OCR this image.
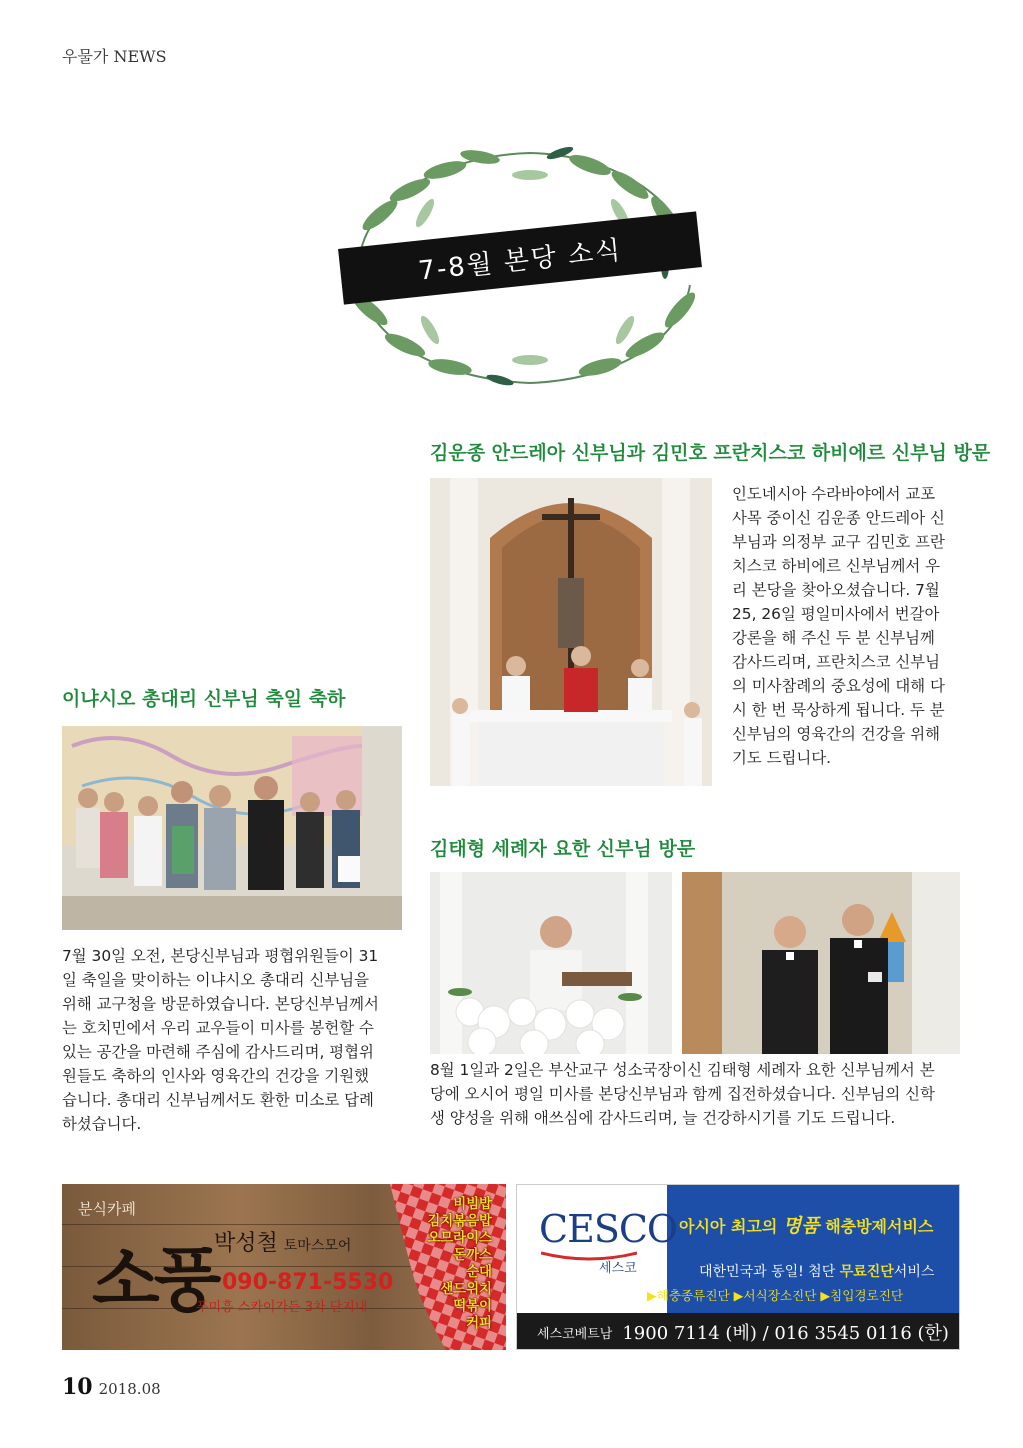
우물가 NEWS
7-8월 본당 소식
김운종 안드레아 신부님과 김민호 프란치스코 하비에르 신부님 방문
인도네시아 수라바야에서 교포
사목 중이신 김운종 안드레아 신
부님과 의정부 교구 김민호 프란
치스코 하비에르 신부님께서 우
리 본당을 찾아오셨습니다. 7월
25, 26일 평일미사에서 번갈아
강론을 해 주신 두 분 신부님께
감사드리며, 프란치스코 신부님
의 미사참례의 중요성에 대해 다
시 한 번 묵상하게 됩니다. 두 분
신부님의 영육간의 건강을 위해
기도 드립니다.
이냐시오 총대리 신부님 축일 축하
7월 30일 오전, 본당신부님과 평협위원들이 31
일 축일을 맞이하는 이냐시오 총대리 신부님을
위해 교구청을 방문하였습니다. 본당신부님께서
는 호치민에서 우리 교우들이 미사를 봉헌할 수
있는 공간을 마련해 주심에 감사드리며, 평협위
원들도 축하의 인사와 영육간의 건강을 기원했
습니다. 총대리 신부님께서도 환한 미소로 답례
하셨습니다.
김태형 세례자 요한 신부님 방문
8월 1일과 2일은 부산교구 성소국장이신 김태형 세례자 요한 신부님께서 본
당에 오시어 평일 미사를 본당신부님과 함께 집전하셨습니다. 신부님의 신학
생 양성을 위해 애쓰심에 감사드리며, 늘 건강하시기를 기도 드립니다.
분식카페
소풍
박성철 토마스모어
090-871-5530
푸미흥 스카이가든 3차 단지내
비빔밥
김치볶음밥
오므라이스
돈까스
순대
샌드위치
떡볶이
커피
CESCO
세스코
아시아 최고의 명품 해충방제서비스
대한민국과 동일! 첨단 무료진단서비스
▶해충종류진단 ▶서식장소진단 ▶침입경로진단
세스코베트남 1900 7114 (베) / 016 3545 0116 (한)
10 2018.08
